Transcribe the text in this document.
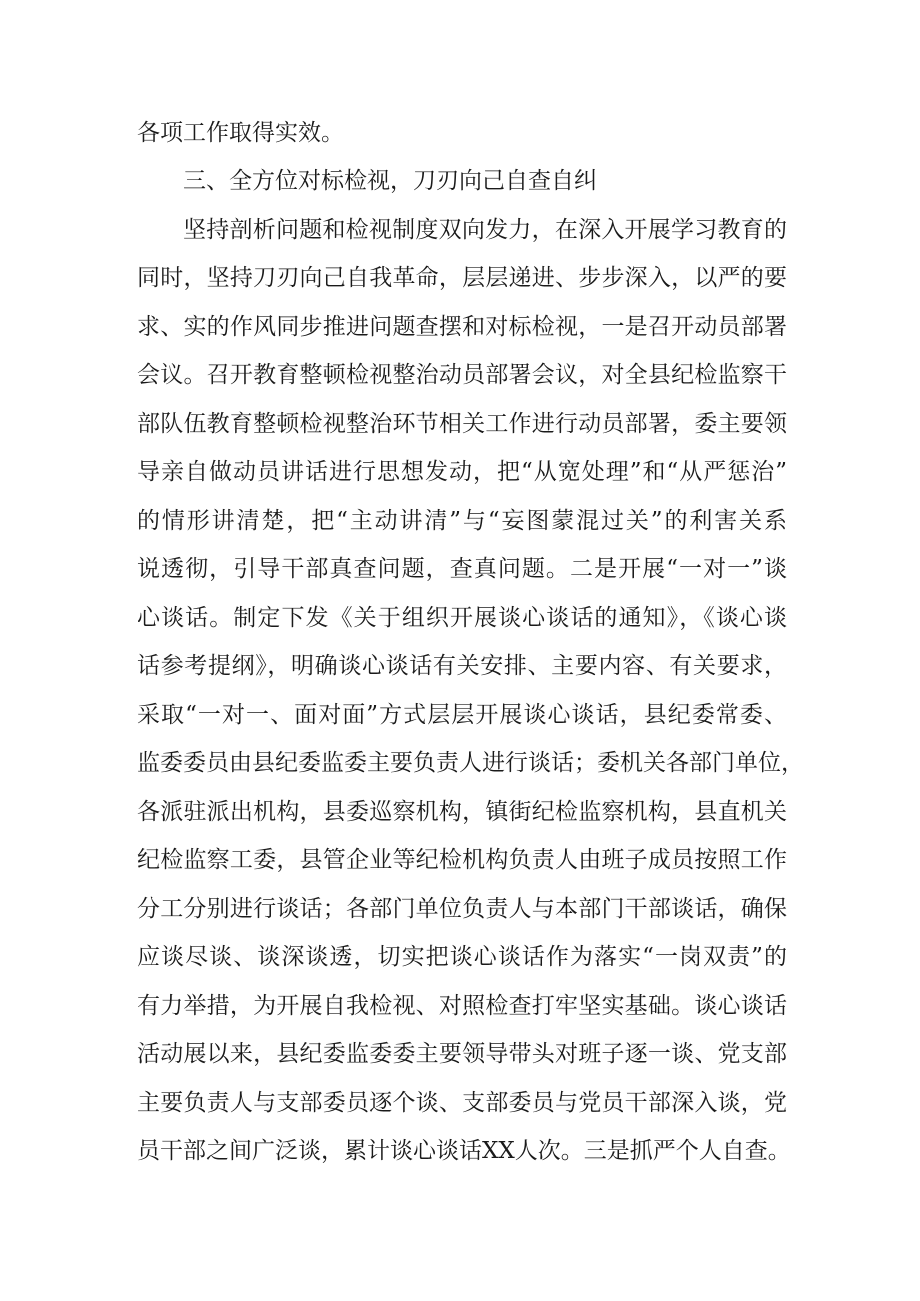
各项工作取得实效。
三、全方位对标检视，刀刃向己自查自纠
坚持剖析问题和检视制度双向发力，在深入开展学习教育的
同时，坚持刀刃向己自我革命，层层递进、步步深入，以严的要
求、实的作风同步推进问题查摆和对标检视，一是召开动员部署
会议。召开教育整顿检视整治动员部署会议，对全县纪检监察干
部队伍教育整顿检视整治环节相关工作进行动员部署，委主要领
导亲自做动员讲话进行思想发动，把“从宽处理”和“从严惩治”
的情形讲清楚，把“主动讲清”与“妄图蒙混过关”的利害关系
说透彻，引导干部真查问题，查真问题。二是开展“一对一”谈
心谈话。制定下发《关于组织开展谈心谈话的通知》，《谈心谈
话参考提纲》，明确谈心谈话有关安排、主要内容、有关要求，
采取“一对一、面对面”方式层层开展谈心谈话，县纪委常委、
监委委员由县纪委监委主要负责人进行谈话；委机关各部门单位，
各派驻派出机构，县委巡察机构，镇街纪检监察机构，县直机关
纪检监察工委，县管企业等纪检机构负责人由班子成员按照工作
分工分别进行谈话；各部门单位负责人与本部门干部谈话，确保
应谈尽谈、谈深谈透，切实把谈心谈话作为落实“一岗双责”的
有力举措，为开展自我检视、对照检查打牢坚实基础。谈心谈话
活动展以来，县纪委监委委主要领导带头对班子逐一谈、党支部
主要负责人与支部委员逐个谈、支部委员与党员干部深入谈，党
员干部之间广泛谈，累计谈心谈话XX人次。三是抓严个人自查。
